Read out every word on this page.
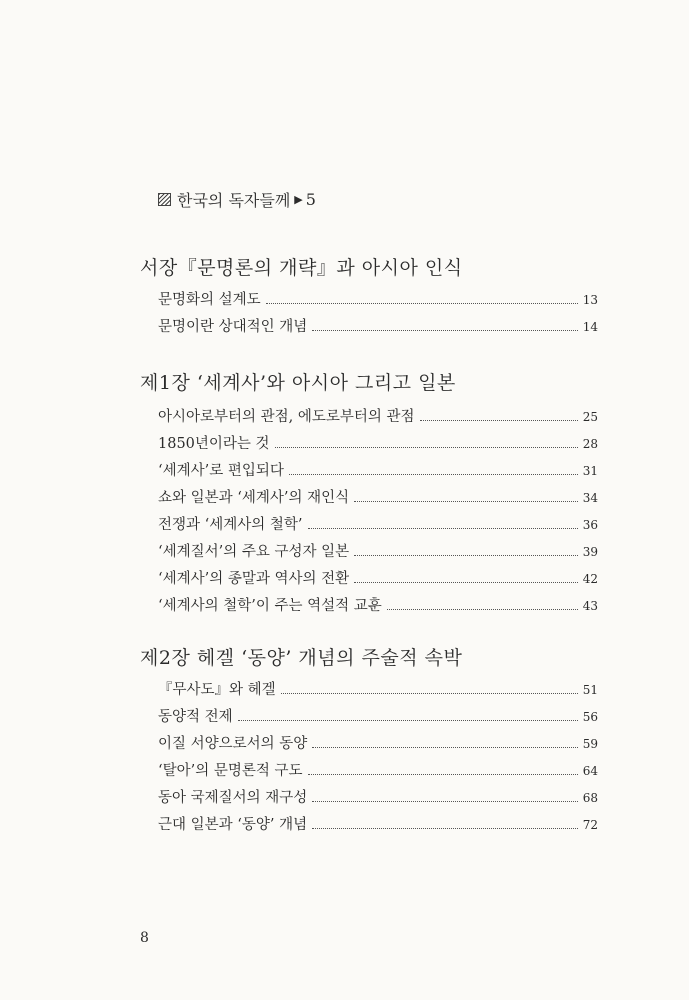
한국의 독자들께 ▶ 5
서장『문명론의 개략』과 아시아 인식
문명화의 설계도	13
문명이란 상대적인 개념	14
제1장 ‘세계사’와 아시아 그리고 일본
아시아로부터의 관점, 에도로부터의 관점	25
1850년이라는 것	28
‘세계사’로 편입되다	31
쇼와 일본과 ‘세계사’의 재인식	34
전쟁과 ‘세계사의 철학’	36
‘세계질서’의 주요 구성자 일본	39
‘세계사’의 종말과 역사의 전환	42
‘세계사의 철학’이 주는 역설적 교훈	43
제2장 헤겔 ‘동양’ 개념의 주술적 속박
『무사도』와 헤겔	51
동양적 전제	56
이질 서양으로서의 동양	59
‘탈아’의 문명론적 구도	64
동아 국제질서의 재구성	68
근대 일본과 ‘동양’ 개념	72
8
